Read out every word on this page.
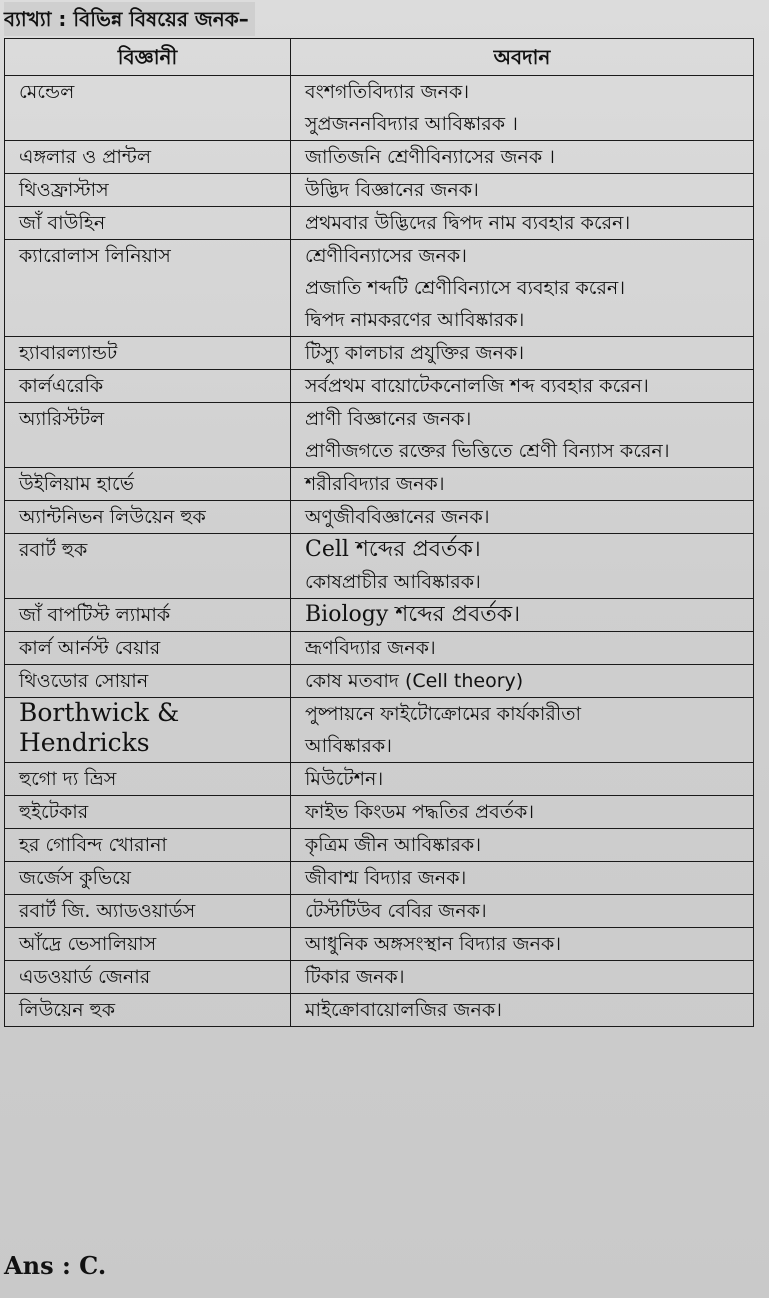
ব্যাখ্যা : বিভিন্ন বিষয়ের জনক–
বিজ্ঞানী	অবদান
মেন্ডেল	বংশগতিবিদ্যার জনক।
সুপ্রজননবিদ্যার আবিষ্কারক ।

এঙ্গলার ও প্রান্টল	জাতিজনি শ্রেণীবিন্যাসের জনক ।

থিওফ্রাস্টাস	উদ্ভিদ বিজ্ঞানের জনক।

জাঁ বাউহিন	প্রথমবার উদ্ভিদের দ্বিপদ নাম ব্যবহার করেন।

ক্যারোলাস লিনিয়াস	শ্রেণীবিন্যাসের জনক।
প্রজাতি শব্দটি শ্রেণীবিন্যাসে ব্যবহার করেন।
দ্বিপদ নামকরণের আবিষ্কারক।

হ্যাবারল্যান্ডট	টিস্যু কালচার প্রযুক্তির জনক।

কার্লএরেকি	সর্বপ্রথম বায়োটেকনোলজি শব্দ ব্যবহার করেন।

অ্যারিস্টটল	প্রাণী বিজ্ঞানের জনক।
প্রাণীজগতে রক্তের ভিত্তিতে শ্রেণী বিন্যাস করেন।

উইলিয়াম হার্ভে	শরীরবিদ্যার জনক।

অ্যান্টনিভন লিউয়েন হুক	অণুজীববিজ্ঞানের জনক।

রবার্ট হুক	Cell শব্দের প্রবর্তক।
কোষপ্রাচীর আবিষ্কারক।

জাঁ বাপটিস্ট ল্যামার্ক	Biology শব্দের প্রবর্তক।

কার্ল আর্নস্ট বেয়ার	ভ্রূণবিদ্যার জনক।

থিওডোর সোয়ান	কোষ মতবাদ (Cell theory)

Borthwick & Hendricks	পুষ্পায়নে ফাইটোক্রোমের কার্যকারীতা
আবিষ্কারক।

হুগো দ্য ভ্রিস	মিউটেশন।

হুইটেকার	ফাইভ কিংডম পদ্ধতির প্রবর্তক।

হর গোবিন্দ খোরানা	কৃত্রিম জীন আবিষ্কারক।

জর্জেস কুভিয়ে	জীবাশ্ম বিদ্যার জনক।

রবার্ট জি. অ্যাডওয়ার্ডস	টেস্টটিউব বেবির জনক।

আঁদ্রে ভেসালিয়াস	আধুনিক অঙ্গসংস্থান বিদ্যার জনক।

এডওয়ার্ড জেনার	টিকার জনক।

লিউয়েন হুক	মাইক্রোবায়োলজির জনক।
Ans : C.
